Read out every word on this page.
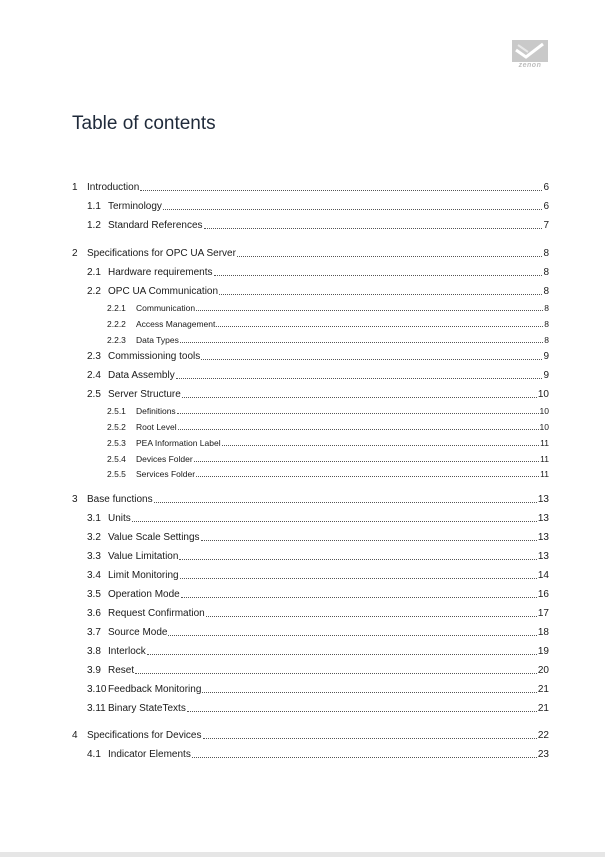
zenon
Table of contents
1 Introduction	6
1.1 Terminology	6
1.2 Standard References	7
2 Specifications for OPC UA Server	8
2.1 Hardware requirements	8
2.2 OPC UA Communication	8
2.2.1	Communication	8
2.2.2	Access Management	8
2.2.3	Data Types	8
2.3 Commissioning tools	9
2.4 Data Assembly	9
2.5 Server Structure	10
2.5.1	Definitions	10
2.5.2	Root Level	10
2.5.3	PEA Information Label	11
2.5.4	Devices Folder	11
2.5.5	Services Folder	11
3 Base functions	13
3.1 Units	13
3.2 Value Scale Settings	13
3.3 Value Limitation	13
3.4 Limit Monitoring	14
3.5 Operation Mode	16
3.6 Request Confirmation	17
3.7 Source Mode	18
3.8 Interlock	19
3.9 Reset	20
3.10 Feedback Monitoring	21
3.11 Binary StateTexts	21
4 Specifications for Devices	22
4.1 Indicator Elements	23
